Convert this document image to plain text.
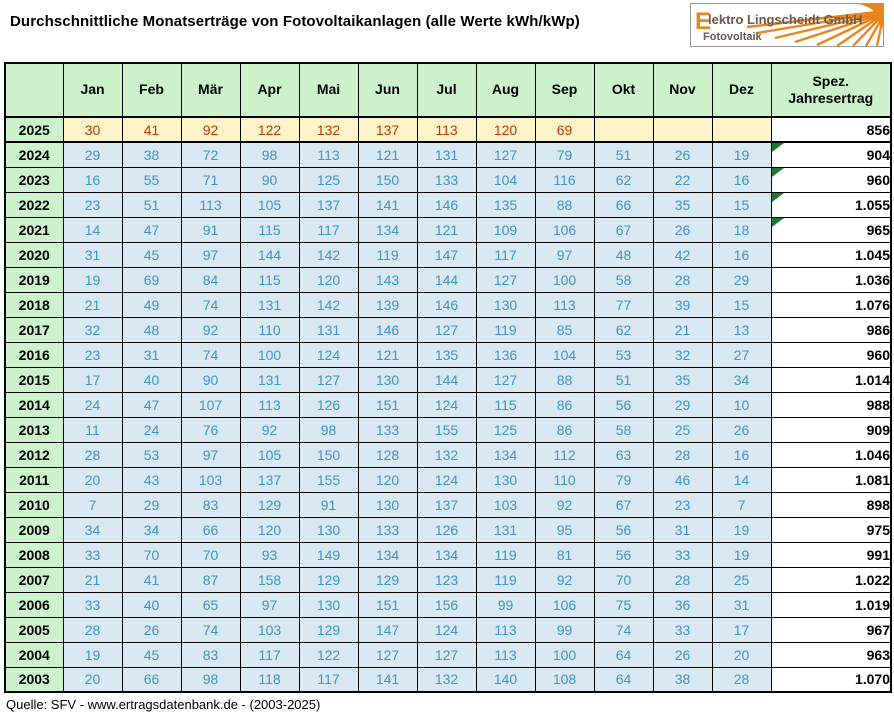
Durchschnittliche Monatserträge von Fotovoltaikanlagen (alle Werte kWh/kWp)	E
lektro Lingscheidt GmbH
Fotovoltaik
	Jan	Feb	Mär	Apr	Mai	Jun	Jul	Aug	Sep	Okt	Nov	Dez	Spez.
Jahresertrag
2025	30	41	92	122	132	137	113	120	69				856
2024	29	38	72	98	113	121	131	127	79	51	26	19	904
2023	16	55	71	90	125	150	133	104	116	62	22	16	960
2022	23	51	113	105	137	141	146	135	88	66	35	15	1.055
2021	14	47	91	115	117	134	121	109	106	67	26	18	965
2020	31	45	97	144	142	119	147	117	97	48	42	16	1.045
2019	19	69	84	115	120	143	144	127	100	58	28	29	1.036
2018	21	49	74	131	142	139	146	130	113	77	39	15	1.076
2017	32	48	92	110	131	146	127	119	85	62	21	13	986
2016	23	31	74	100	124	121	135	136	104	53	32	27	960
2015	17	40	90	131	127	130	144	127	88	51	35	34	1.014
2014	24	47	107	113	126	151	124	115	86	56	29	10	988
2013	11	24	76	92	98	133	155	125	86	58	25	26	909
2012	28	53	97	105	150	128	132	134	112	63	28	16	1.046
2011	20	43	103	137	155	120	124	130	110	79	46	14	1.081
2010	7	29	83	129	91	130	137	103	92	67	23	7	898
2009	34	34	66	120	130	133	126	131	95	56	31	19	975
2008	33	70	70	93	149	134	134	119	81	56	33	19	991
2007	21	41	87	158	129	129	123	119	92	70	28	25	1.022
2006	33	40	65	97	130	151	156	99	106	75	36	31	1.019
2005	28	26	74	103	129	147	124	113	99	74	33	17	967
2004	19	45	83	117	122	127	127	113	100	64	26	20	963
2003	20	66	98	118	117	141	132	140	108	64	38	28	1.070
Quelle: SFV - www.ertragsdatenbank.de - (2003-2025)
